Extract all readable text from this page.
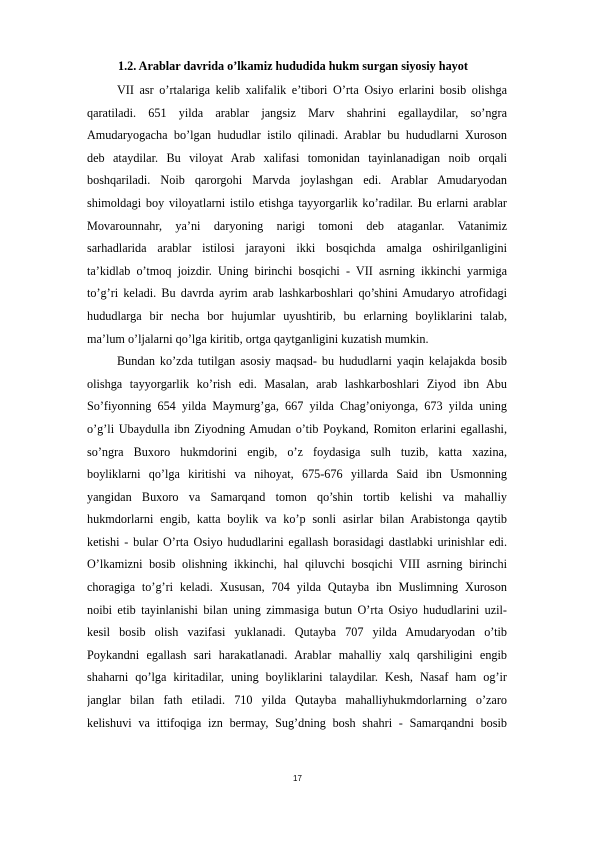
1.2. Arablar davrida o’lkamiz hududida hukm surgan siyosiy hayot
VII asr o’rtalariga kelib xalifalik e’tibori O’rta Osiyo erlarini bosib olishga
qaratiladi. 651 yilda arablar jangsiz Marv shahrini egallaydilar, so’ngra
Amudaryogacha bo’lgan hududlar istilo qilinadi. Arablar bu hududlarni Xuroson
deb ataydilar. Bu viloyat Arab xalifasi tomonidan tayinlanadigan noib orqali
boshqariladi. Noib qarorgohi Marvda joylashgan edi. Arablar Amudaryodan
shimoldagi boy viloyatlarni istilo etishga tayyorgarlik ko’radilar. Bu erlarni arablar
Movarounnahr, ya’ni daryoning narigi tomoni deb ataganlar. Vatanimiz
sarhadlarida arablar istilosi jarayoni ikki bosqichda amalga oshirilganligini
ta’kidlab o’tmoq joizdir. Uning birinchi bosqichi - VII asrning ikkinchi yarmiga
to’g’ri keladi. Bu davrda ayrim arab lashkarboshlari qo’shini Amudaryo atrofidagi
hududlarga bir necha bor hujumlar uyushtirib, bu erlarning boyliklarini talab,
ma’lum o’ljalarni qo’lga kiritib, ortga qaytganligini kuzatish mumkin.
Bundan ko’zda tutilgan asosiy maqsad- bu hududlarni yaqin kelajakda bosib
olishga tayyorgarlik ko’rish edi. Masalan, arab lashkarboshlari Ziyod ibn Abu
So’fiyonning 654 yilda Maymurg’ga, 667 yilda Chag’oniyonga, 673 yilda uning
o’g’li Ubaydulla ibn Ziyodning Amudan o’tib Poykand, Romiton erlarini egallashi,
so’ngra Buxoro hukmdorini engib, o’z foydasiga sulh tuzib, katta xazina,
boyliklarni qo’lga kiritishi va nihoyat, 675-676 yillarda Said ibn Usmonning
yangidan Buxoro va Samarqand tomon qo’shin tortib kelishi va mahalliy
hukmdorlarni engib, katta boylik va ko’p sonli asirlar bilan Arabistonga qaytib
ketishi - bular O’rta Osiyo hududlarini egallash borasidagi dastlabki urinishlar edi.
O’lkamizni bosib olishning ikkinchi, hal qiluvchi bosqichi VIII asrning birinchi
choragiga to’g’ri keladi. Xususan, 704 yilda Qutayba ibn Muslimning Xuroson
noibi etib tayinlanishi bilan uning zimmasiga butun O’rta Osiyo hududlarini uzil-
kesil bosib olish vazifasi yuklanadi. Qutayba 707 yilda Amudaryodan o’tib
Poykandni egallash sari harakatlanadi. Arablar mahalliy xalq qarshiligini engib
shaharni qo’lga kiritadilar, uning boyliklarini talaydilar. Kesh, Nasaf ham og’ir
janglar bilan fath etiladi. 710 yilda Qutayba mahalliyhukmdorlarning o’zaro
kelishuvi va ittifoqiga izn bermay, Sug’dning bosh shahri - Samarqandni bosib
17
